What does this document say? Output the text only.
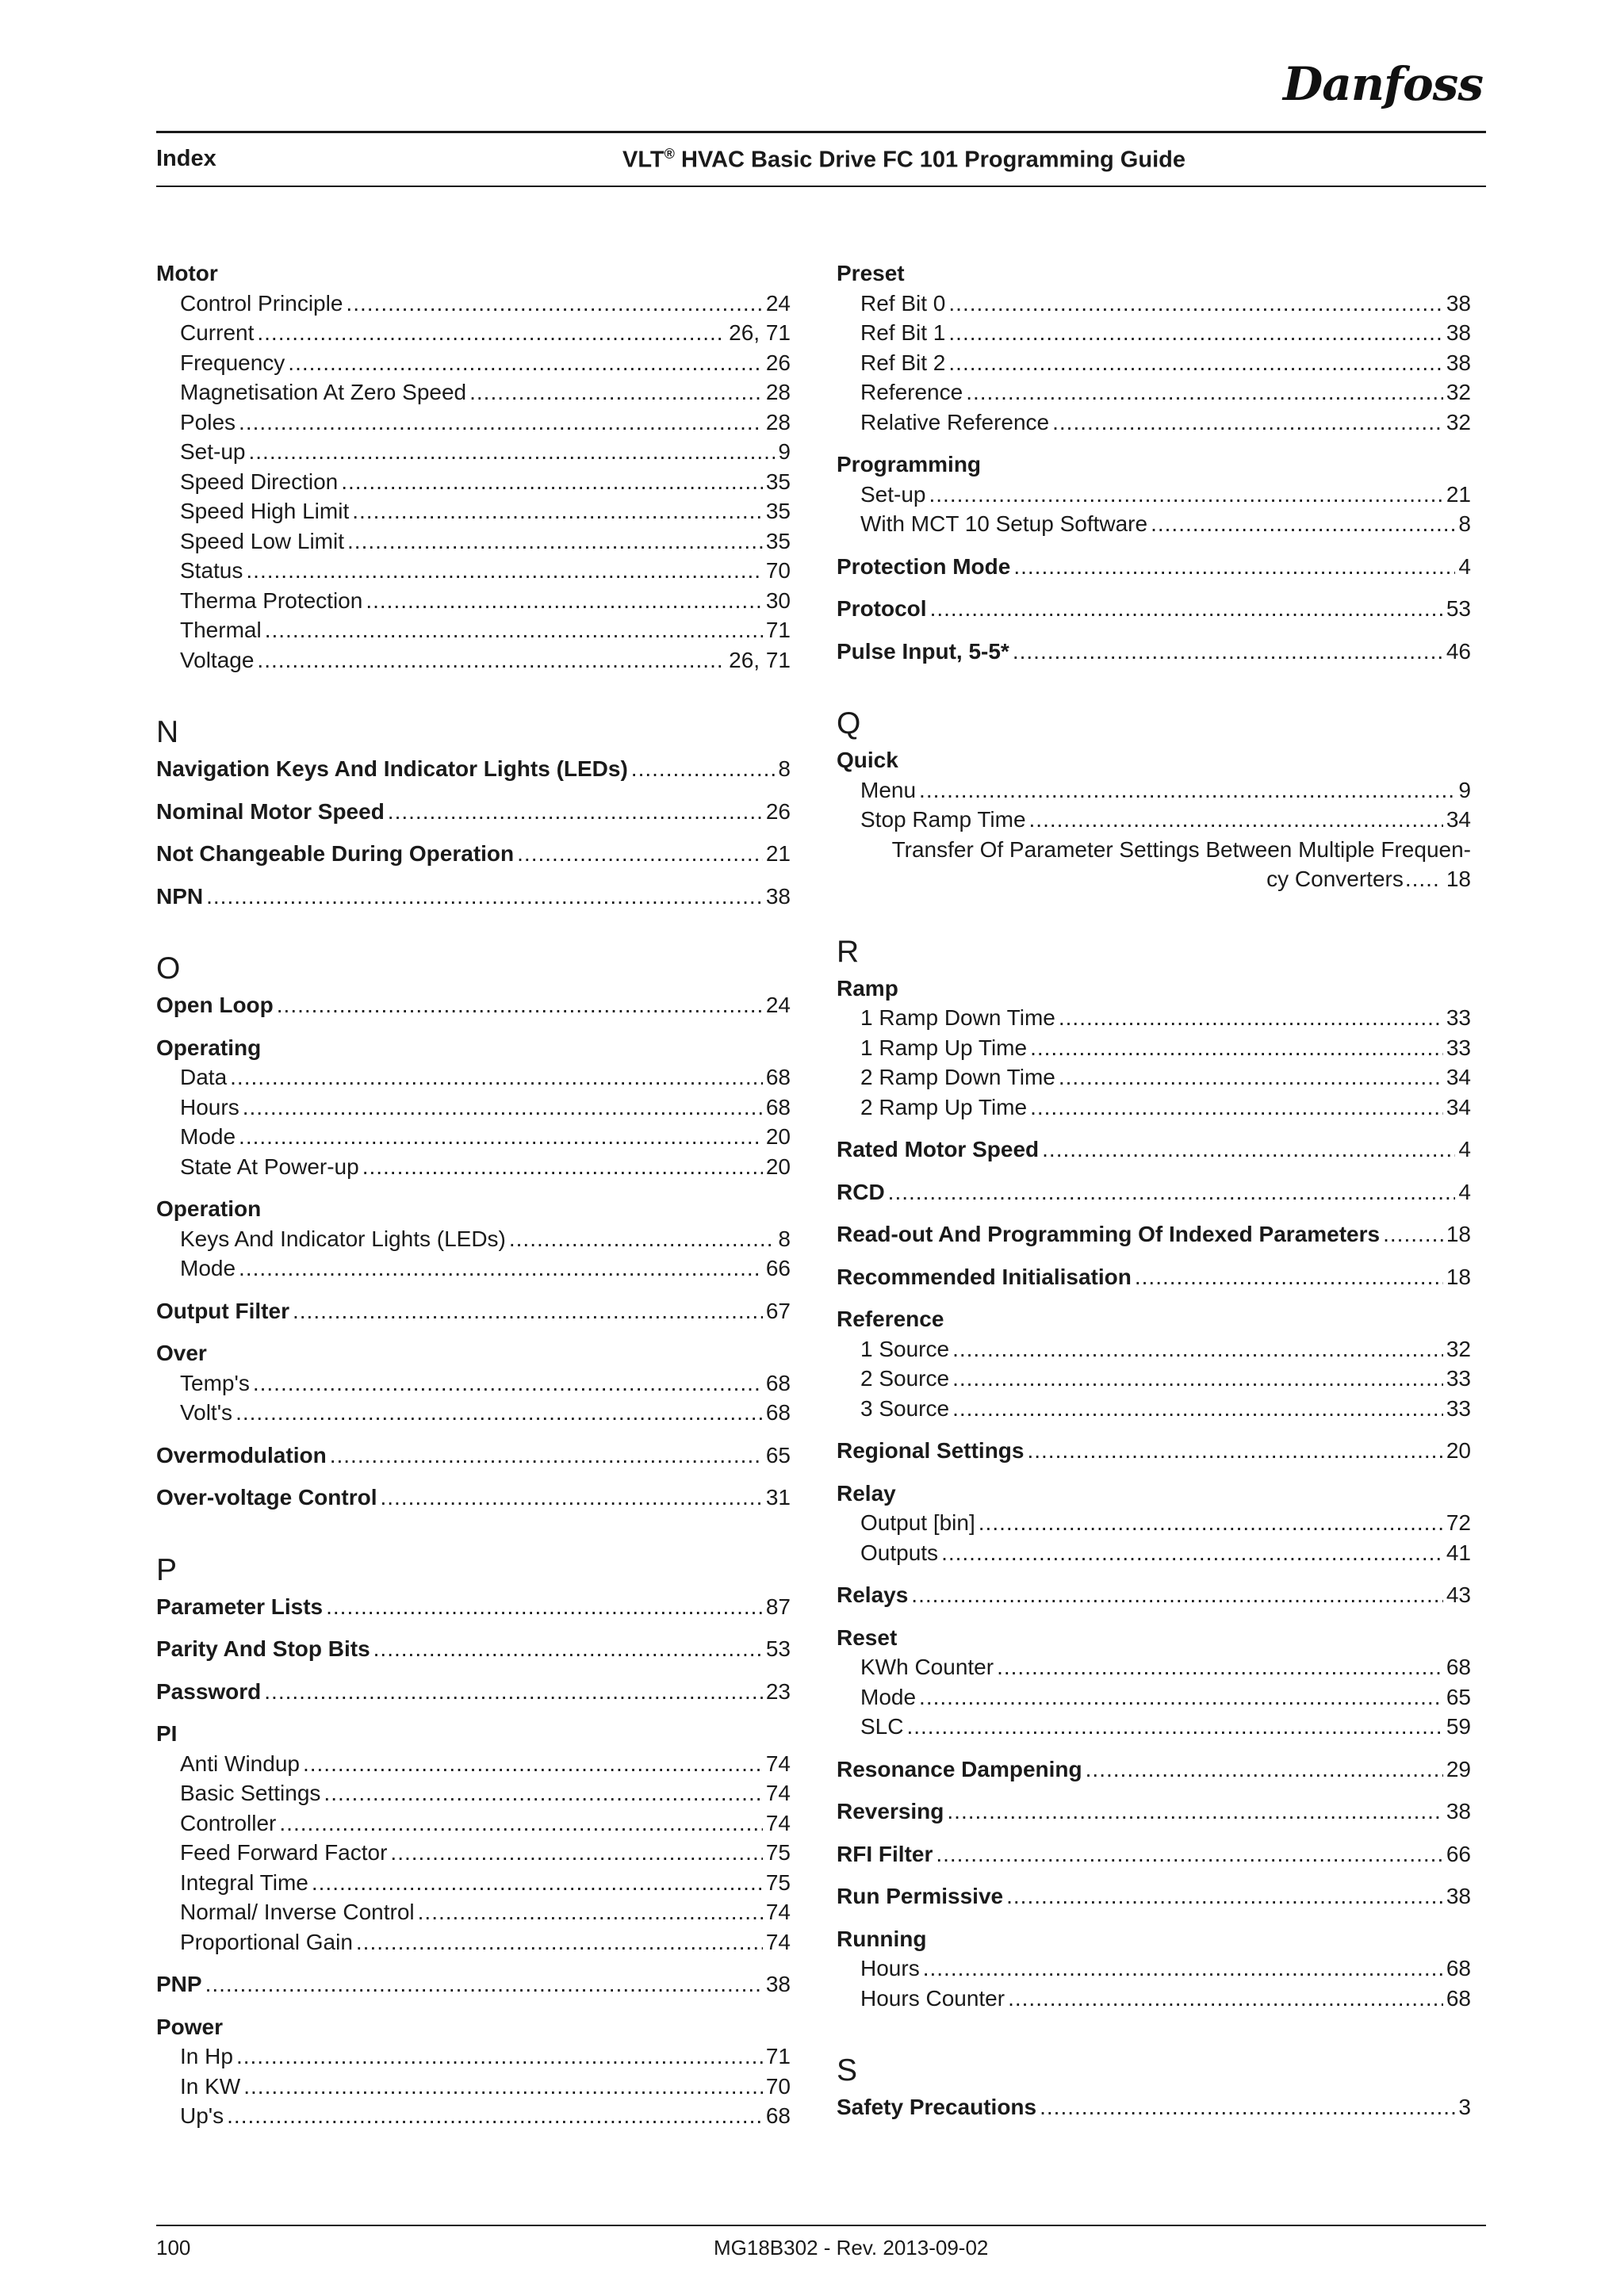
Danfoss
Index	VLT® HVAC Basic Drive FC 101 Programming Guide
Motor
Control Principle .....	24
Current .....	26, 71
Frequency .....	26
Magnetisation At Zero Speed .....	28
Poles .....	28
Set-up .....	9
Speed Direction .....	35
Speed High Limit .....	35
Speed Low Limit .....	35
Status .....	70
Therma Protection .....	30
Thermal .....	71
Voltage .....	26, 71
N
Navigation Keys And Indicator Lights (LEDs) .....	8
Nominal Motor Speed .....	26
Not Changeable During Operation .....	21
NPN .....	38
O
Open Loop .....	24
Operating
Data .....	68
Hours .....	68
Mode .....	20
State At Power-up .....	20
Operation
Keys And Indicator Lights (LEDs) .....	8
Mode .....	66
Output Filter .....	67
Over
Temp's .....	68
Volt's .....	68
Overmodulation .....	65
Over-voltage Control .....	31
P
Parameter Lists .....	87
Parity And Stop Bits .....	53
Password .....	23
PI
Anti Windup .....	74
Basic Settings .....	74
Controller .....	74
Feed Forward Factor .....	75
Integral Time .....	75
Normal/ Inverse Control .....	74
Proportional Gain .....	74
PNP .....	38
Power
In Hp .....	71
In KW .....	70
Up's .....	68
Preset
Ref Bit 0 .....	38
Ref Bit 1 .....	38
Ref Bit 2 .....	38
Reference .....	32
Relative Reference .....	32
Programming
Set-up .....	21
With MCT 10 Setup Software .....	8
Protection Mode .....	4
Protocol .....	53
Pulse Input, 5-5* .....	46
Q
Quick
Menu .....	9
Stop Ramp Time .....	34
Transfer Of Parameter Settings Between Multiple Frequen-
cy Converters ..... 18
R
Ramp
1 Ramp Down Time .....	33
1 Ramp Up Time .....	33
2 Ramp Down Time .....	34
2 Ramp Up Time .....	34
Rated Motor Speed .....	4
RCD .....	4
Read-out And Programming Of Indexed Parameters .....	18
Recommended Initialisation .....	18
Reference
1 Source .....	32
2 Source .....	33
3 Source .....	33
Regional Settings .....	20
Relay
Output [bin] .....	72
Outputs .....	41
Relays .....	43
Reset
KWh Counter .....	68
Mode .....	65
SLC .....	59
Resonance Dampening .....	29
Reversing .....	38
RFI Filter .....	66
Run Permissive .....	38
Running
Hours .....	68
Hours Counter .....	68
S
Safety Precautions .....	3
100	MG18B302 - Rev. 2013-09-02
